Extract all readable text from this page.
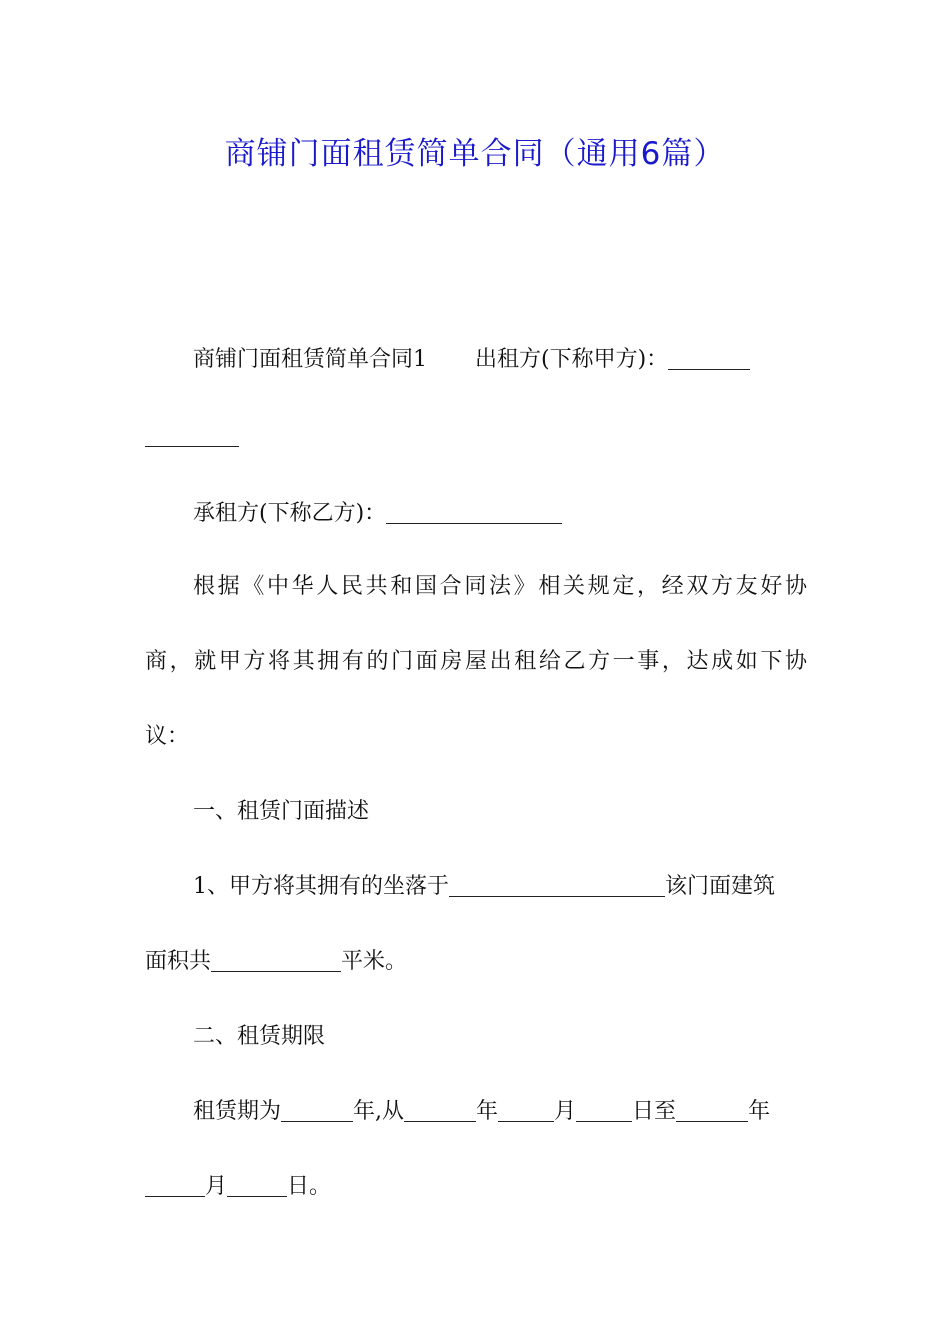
商铺门面租赁简单合同（通用6篇）
商铺门面租赁简单合同1 出租方(下称甲方)：
承租方(下称乙方)：
根据《中华人民共和国合同法》相关规定，经双方友好协
商，就甲方将其拥有的门面房屋出租给乙方一事，达成如下协
议：
一、租赁门面描述
1、甲方将其拥有的坐落于	该门面建筑
面积共	平米。
二、租赁期限
租赁期为	年,从	年	月	日至	年
月	日。
